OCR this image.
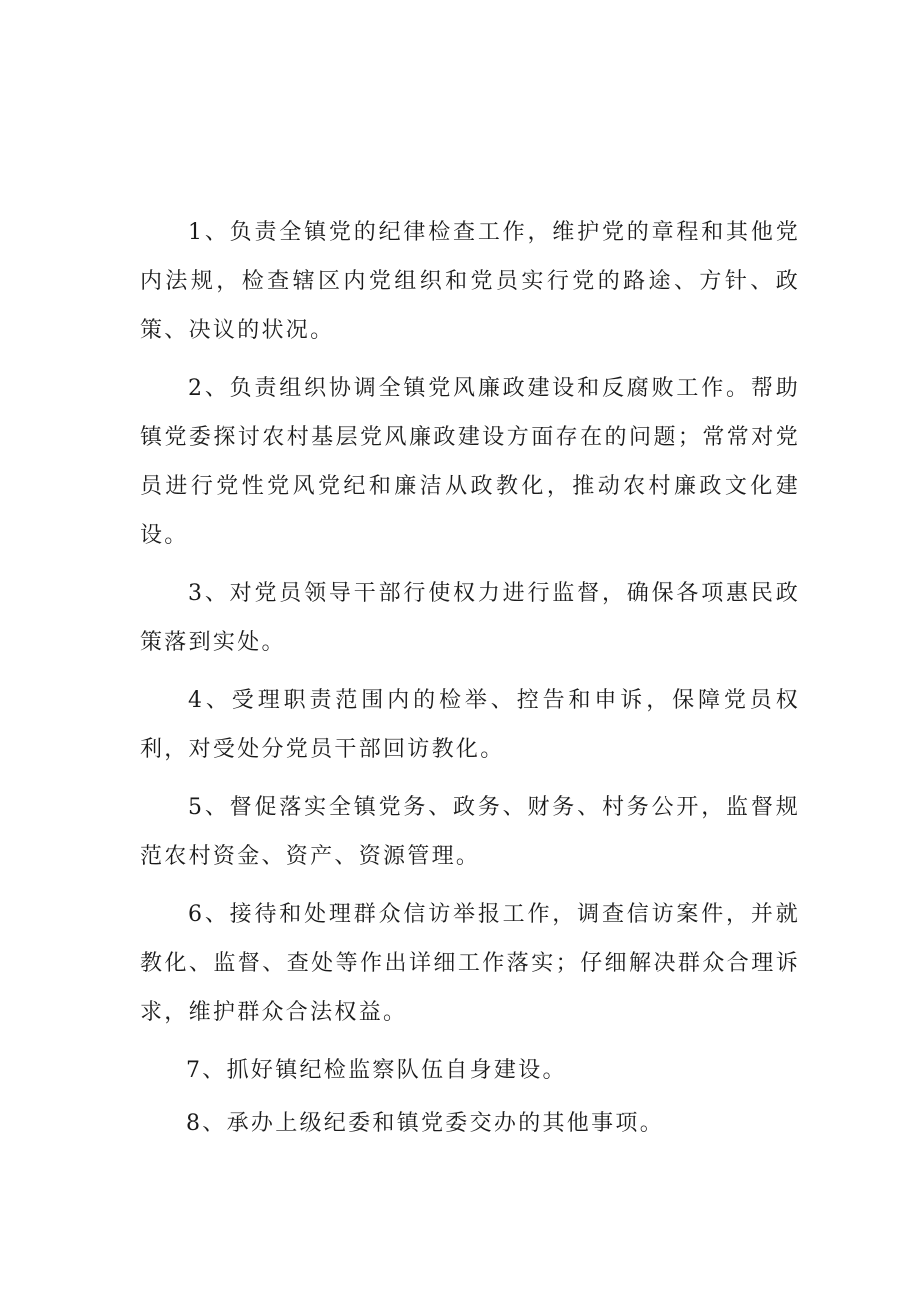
1、负责全镇党的纪律检查工作，维护党的章程和其他党内法规，检查辖区内党组织和党员实行党的路途、方针、政策、决议的状况。

2、负责组织协调全镇党风廉政建设和反腐败工作。帮助镇党委探讨农村基层党风廉政建设方面存在的问题；常常对党员进行党性党风党纪和廉洁从政教化，推动农村廉政文化建设。

3、对党员领导干部行使权力进行监督，确保各项惠民政策落到实处。

4、受理职责范围内的检举、控告和申诉，保障党员权利，对受处分党员干部回访教化。

5、督促落实全镇党务、政务、财务、村务公开，监督规范农村资金、资产、资源管理。

6、接待和处理群众信访举报工作，调查信访案件，并就教化、监督、查处等作出详细工作落实；仔细解决群众合理诉求，维护群众合法权益。

7、抓好镇纪检监察队伍自身建设。

8、承办上级纪委和镇党委交办的其他事项。
